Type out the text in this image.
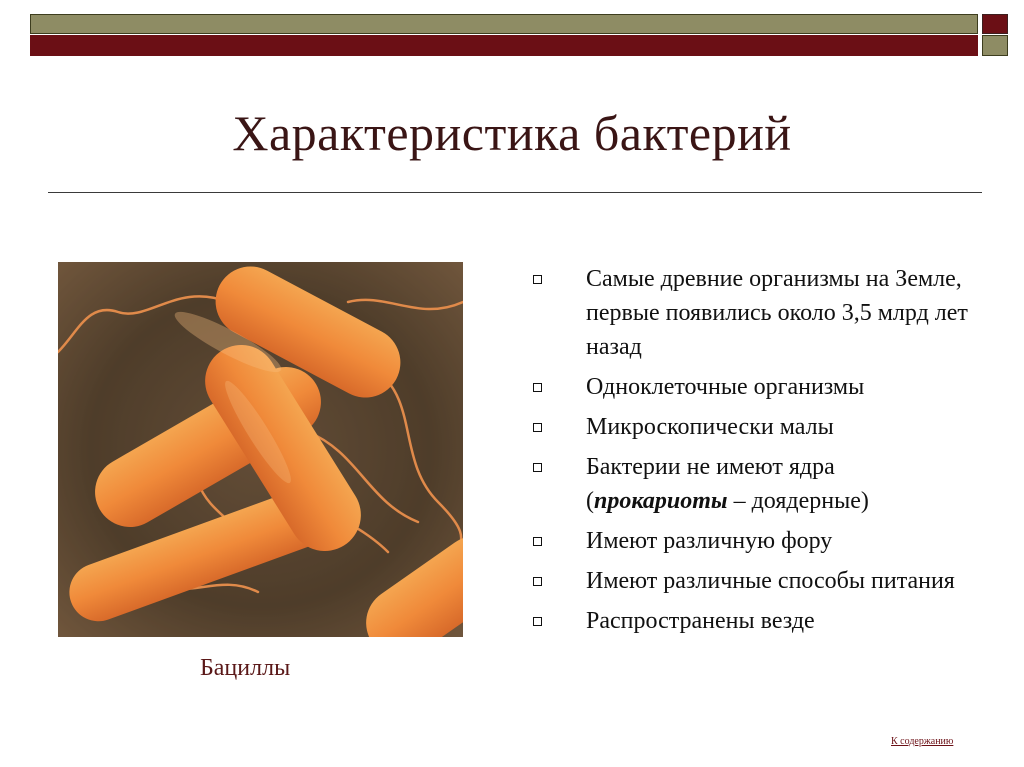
Характеристика бактерий
Бациллы
Самые древние организмы на Земле, первые появились около 3,5 млрд лет назад
Одноклеточные организмы
Микроскопически малы
Бактерии не имеют ядра (прокариоты – доядерные)
Имеют различную фору
Имеют различные способы питания
Распространены везде
К содержанию
